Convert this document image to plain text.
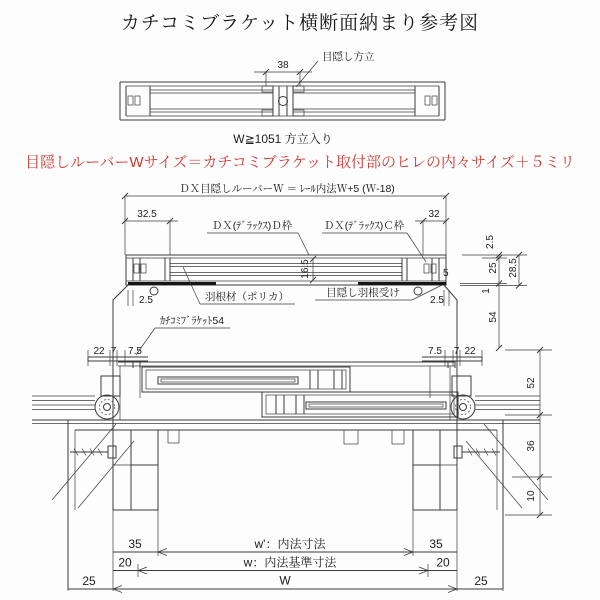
カチコミブラケット横断面納まり参考図
38
目隠し方立
W≧1051 方立入り
目隠しルーバーWサイズ＝カチコミブラケット取付部のヒレの内々サイズ＋５ミリ
ＤＸ目隠しルーバーＷ ＝ ﾚｰﾙ内法Ｗ+5 (Ｗ-18)
32.5	32
ＤＸ(ﾃﾞﾗｯｸｽ)Ｄ枠	ＤＸ(ﾃﾞﾗｯｸｽ)Ｃ枠
16.5	5
2.5	2.5
羽根材（ポリカ）	目隠し羽根受け
2.5
25 28.5
1
54
ｶﾁｺﾐﾌﾞﾗｹｯﾄ54
22 7 7.5	7.5 7 22
52
36
10
35	w'：内法寸法	35
20	w：内法基準寸法	20
25	W	25
